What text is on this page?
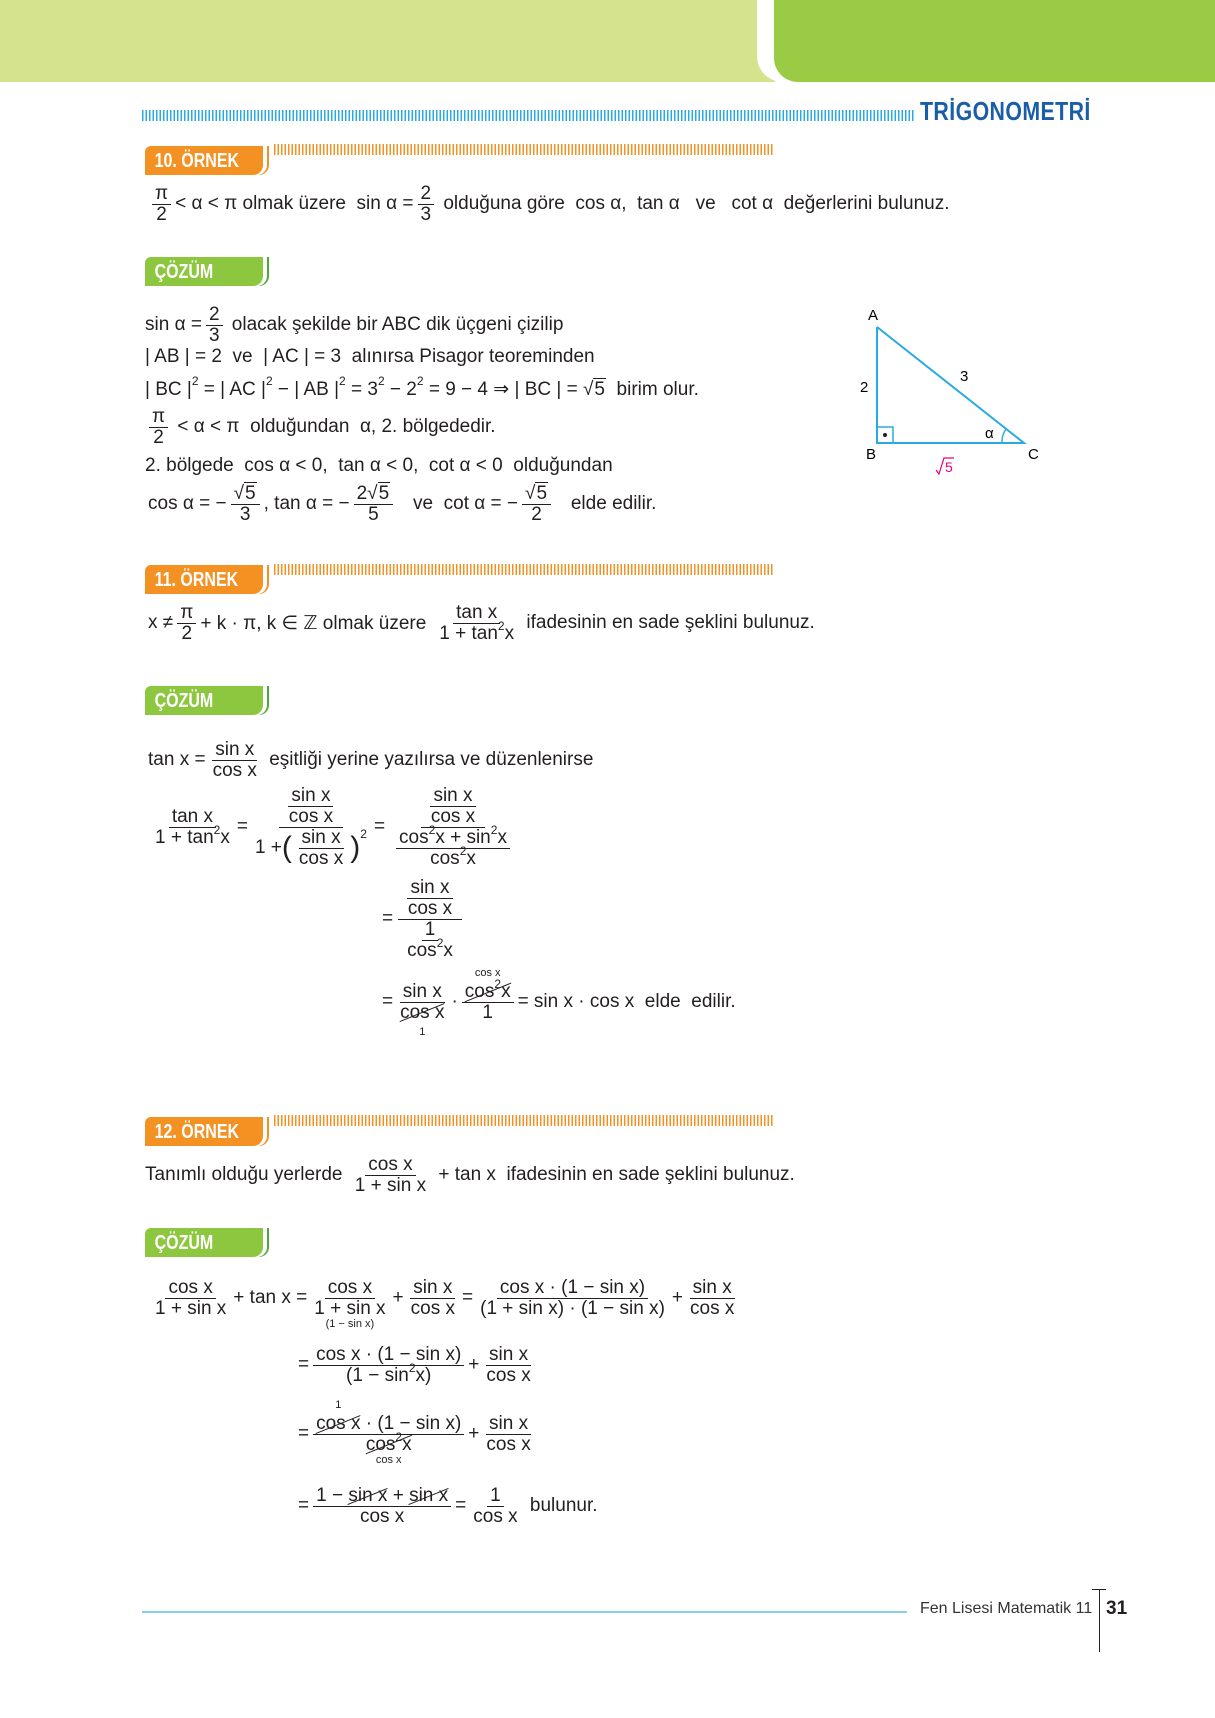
TRİGONOMETRİ
10. ÖRNEK
$\frac{\pi}{2} < \alpha < \pi$ olmak üzere  $\sin \alpha = \frac{2}{3}$ olduğuna göre  cos α,  tan α   ve   cot α  değerlerini bulunuz.
ÇÖZÜM
$\sin \alpha = \frac{2}{3}$ olacak şekilde bir ABC dik üçgeni çizilip
| AB | = 2  ve  | AC | = 3  alınırsa Pisagor teoreminden
| BC $|^2$ = | AC $|^2$ − | AB $|^2 = 3^2 - 2^2 = 9 - 4$ ⇒ | BC | = √ 5  birim olur.
$\frac{\pi}{2} < \alpha < \pi$  olduğundan  α, 2. bölgededir.
2. bölgede  cos α < 0,  tan α < 0,  cot α < 0  olduğundan
cos α = − √ $\frac{5}{3}$ , tan α = − $\frac{2 √ 5}{5}$ ve  cot α = − √ $\frac{5}{2}$ elde edilir.
A
B	C
2
3
α
5
11. ÖRNEK
$x \ne \frac{\pi}{2} + k \cdot \pi$, k ∈ ℤ olmak üzere
tan x
$1 + \tan^2x$ ifadesinin en sade şeklini bulunuz.
ÇÖZÜM
$\tan x = \frac{\text{sin x}}{\text{cos x}}$ eşitliği yerine yazılırsa ve düzenlenirse
$\frac{\text{tan x}}{1 + \tan^2x} = \frac{\frac{\text{sin x}}{\text{cos x}}}{1 + ( \frac{\text{sin x}}{\text{cos x}} )^2} = \frac{\frac{\text{sin x}}{\text{cos x}}}{\frac{\cos^2x + \sin^2x}{\cos^2x}}$
= $\frac{\frac{\text{sin x}}{\text{cos x}}}{\frac{1}{\cos^2x}}$
= sin x
cos x
1 · cos x
$\cos^2x$
1 = sin x · cos x  elde  edilir.
12. ÖRNEK
Tanımlı olduğu yerlerde $\frac{\text{cos x}}{\text{1 + sin x}} + \tan x$  ifadesinin en sade şeklini bulunuz.
ÇÖZÜM
$\frac{\text{cos x}}{\text{1 + sin x}} + \tan x = \cos x$
1 + sin x
$(1 - \sin x) + \frac{\text{sin x}}{\text{cos x}} = \frac{\text{cos x · (1 − sin x)}}{\text{(1 + sin x) · (1 − sin x)}} + \frac{\text{sin x}}{\text{cos x}}$
= $\frac{\text{cos x · (1 − sin x)}}{(1 - \sin^2x)} + \frac{\text{sin x}}{\text{cos x}}$
= 1
cos x · (1 − sin x)
$\cos^2x$
$\cos x + \frac{\text{sin x}}{\text{cos x}}$
= $\frac{\text{1 − sin x + sin x}}{\text{cos x}} = \frac{1}{\text{cos x}}$ bulunur.
Fen Lisesi Matematik 11 31
